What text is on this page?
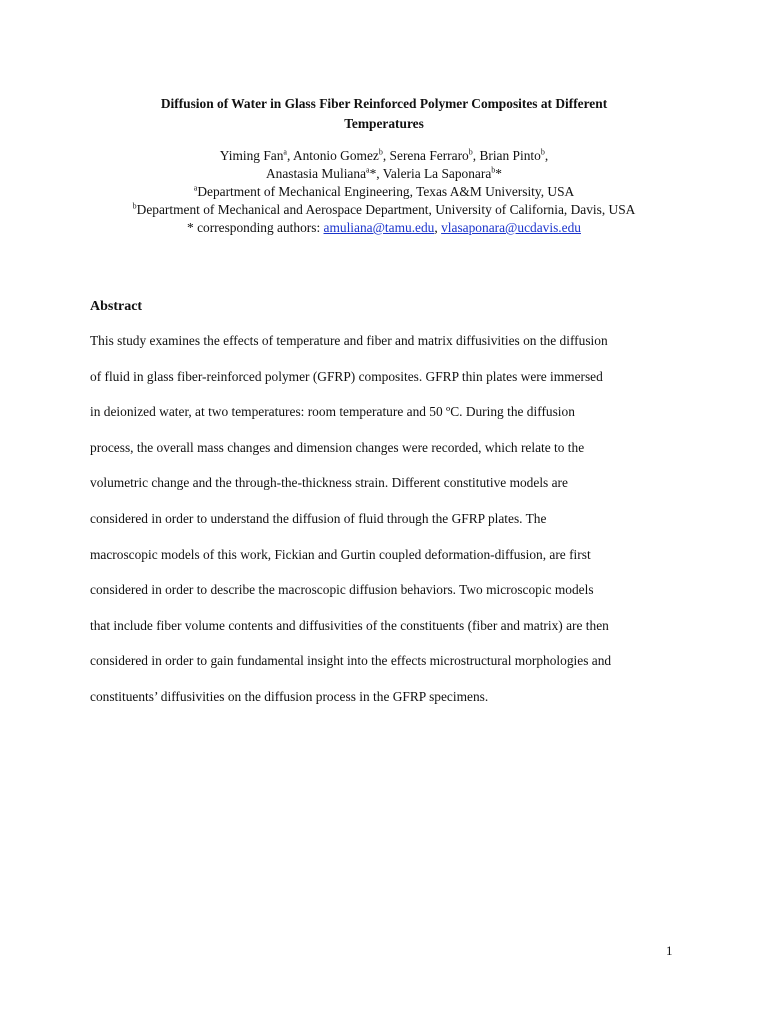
Diffusion of Water in Glass Fiber Reinforced Polymer Composites at Different
Temperatures
Yiming Fan$^a$, Antonio Gomez$^b$, Serena Ferraro$^b$, Brian Pinto$^b$,
Anastasia Muliana$^a$*, Valeria La Saponara$^b$*
$^a$Department of Mechanical Engineering, Texas A&M University, USA
$^b$Department of Mechanical and Aerospace Department, University of California, Davis, USA
* corresponding authors: amuliana@tamu.edu, vlasaponara@ucdavis.edu
Abstract
This study examines the effects of temperature and fiber and matrix diffusivities on the diffusion
of fluid in glass fiber-reinforced polymer (GFRP) composites. GFRP thin plates were immersed
in deionized water, at two temperatures: room temperature and 50 ºC. During the diffusion
process, the overall mass changes and dimension changes were recorded, which relate to the
volumetric change and the through-the-thickness strain. Different constitutive models are
considered in order to understand the diffusion of fluid through the GFRP plates. The
macroscopic models of this work, Fickian and Gurtin coupled deformation-diffusion, are first
considered in order to describe the macroscopic diffusion behaviors. Two microscopic models
that include fiber volume contents and diffusivities of the constituents (fiber and matrix) are then
considered in order to gain fundamental insight into the effects microstructural morphologies and
constituents’ diffusivities on the diffusion process in the GFRP specimens.
1
